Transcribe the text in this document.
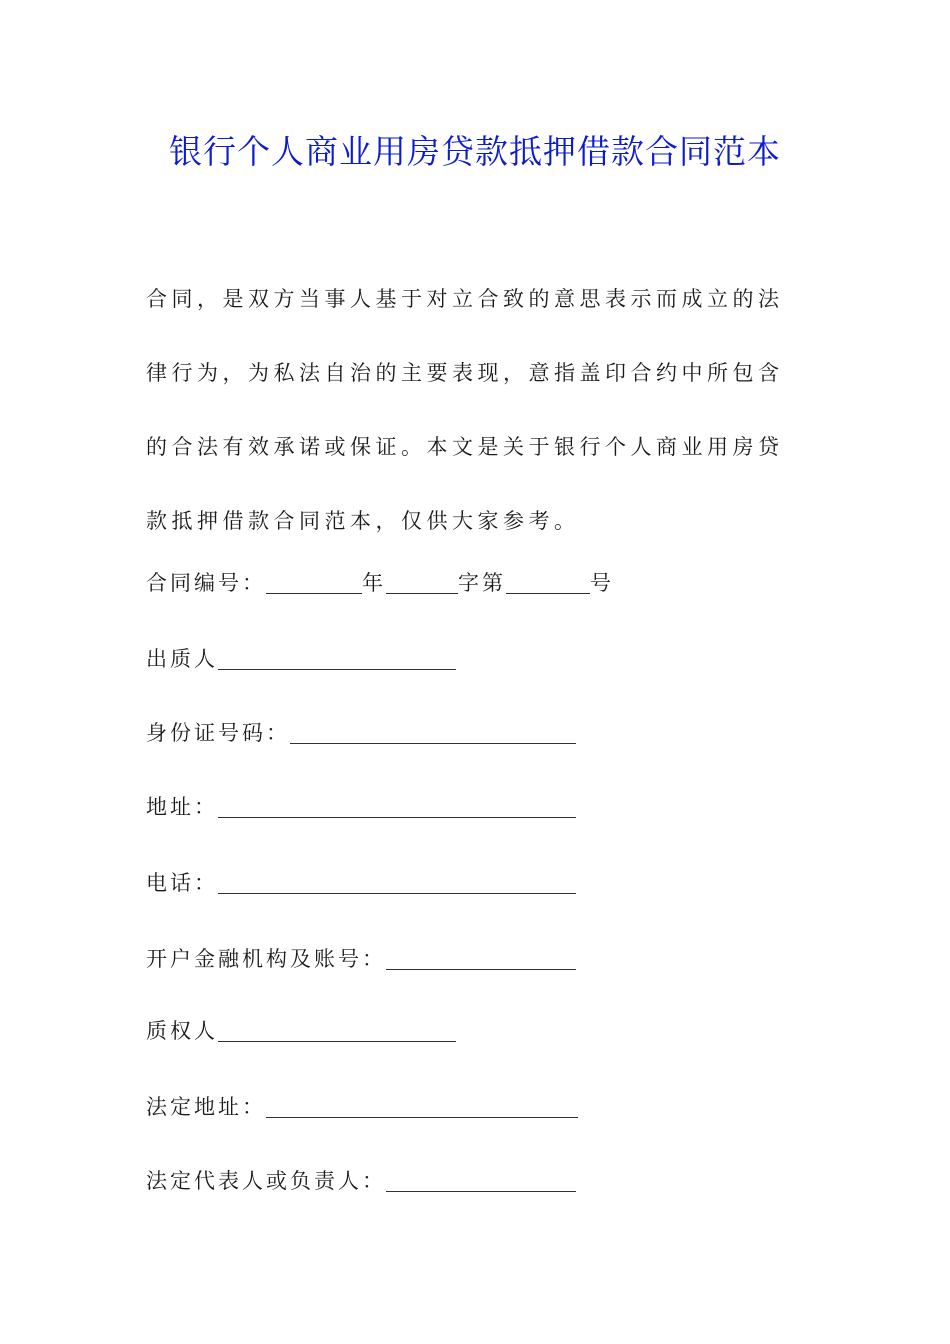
银行个人商业用房贷款抵押借款合同范本

合同，是双方当事人基于对立合致的意思表示而成立的法律行为，为私法自治的主要表现，意指盖印合约中所包含的合法有效承诺或保证。本文是关于银行个人商业用房贷款抵押借款合同范本，仅供大家参考。

合同编号：	年	字第	号
出质人
身份证号码：
地址：
电话：
开户金融机构及账号：
质权人
法定地址：
法定代表人或负责人：
